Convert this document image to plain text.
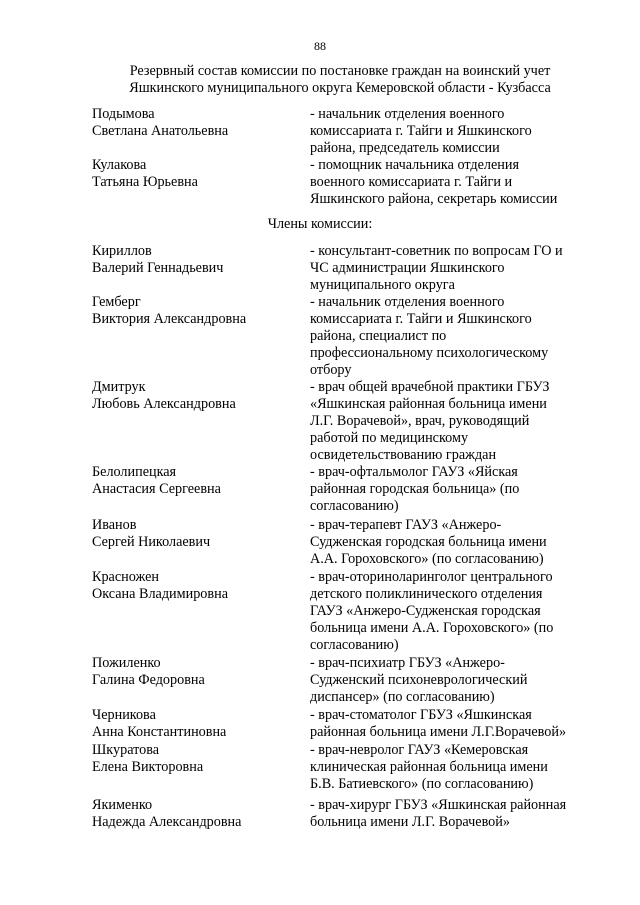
88
Резервный состав комиссии по постановке граждан на воинский учет
Яшкинского муниципального округа Кемеровской области - Кузбасса
Подымова
Светлана Анатольевна
- начальник отделения военного
комиссариата г. Тайги и Яшкинского
района, председатель комиссии
Кулакова
Татьяна Юрьевна
- помощник начальника отделения
военного комиссариата г. Тайги и
Яшкинского района, секретарь комиссии
Члены комиссии:
Кириллов
Валерий Геннадьевич
- консультант-советник по вопросам ГО и
ЧС администрации Яшкинского
муниципального округа
Гемберг
Виктория Александровна
- начальник отделения военного
комиссариата г. Тайги и Яшкинского
района, специалист по
профессиональному психологическому
отбору
Дмитрук
Любовь Александровна
- врач общей врачебной практики ГБУЗ
«Яшкинская районная больница имени
Л.Г. Ворачевой», врач, руководящий
работой по медицинскому
освидетельствованию граждан
Белолипецкая
Анастасия Сергеевна
- врач-офтальмолог ГАУЗ «Яйская
районная городская больница» (по
согласованию)
Иванов
Сергей Николаевич
- врач-терапевт ГАУЗ «Анжеро-
Судженская городская больница имени
А.А. Гороховского» (по согласованию)
Красножен
Оксана Владимировна
- врач-оториноларинголог центрального
детского поликлинического отделения
ГАУЗ «Анжеро-Судженская городская
больница имени А.А. Гороховского» (по
согласованию)
Пожиленко
Галина Федоровна
- врач-психиатр ГБУЗ «Анжеро-
Судженский психоневрологический
диспансер» (по согласованию)
Черникова
Анна Константиновна
- врач-стоматолог ГБУЗ «Яшкинская
районная больница имени Л.Г.Ворачевой»
Шкуратова
Елена Викторовна
- врач-невролог ГАУЗ «Кемеровская
клиническая районная больница имени
Б.В. Батиевского» (по согласованию)
Якименко
Надежда Александровна
- врач-хирург ГБУЗ «Яшкинская районная
больница имени Л.Г. Ворачевой»
